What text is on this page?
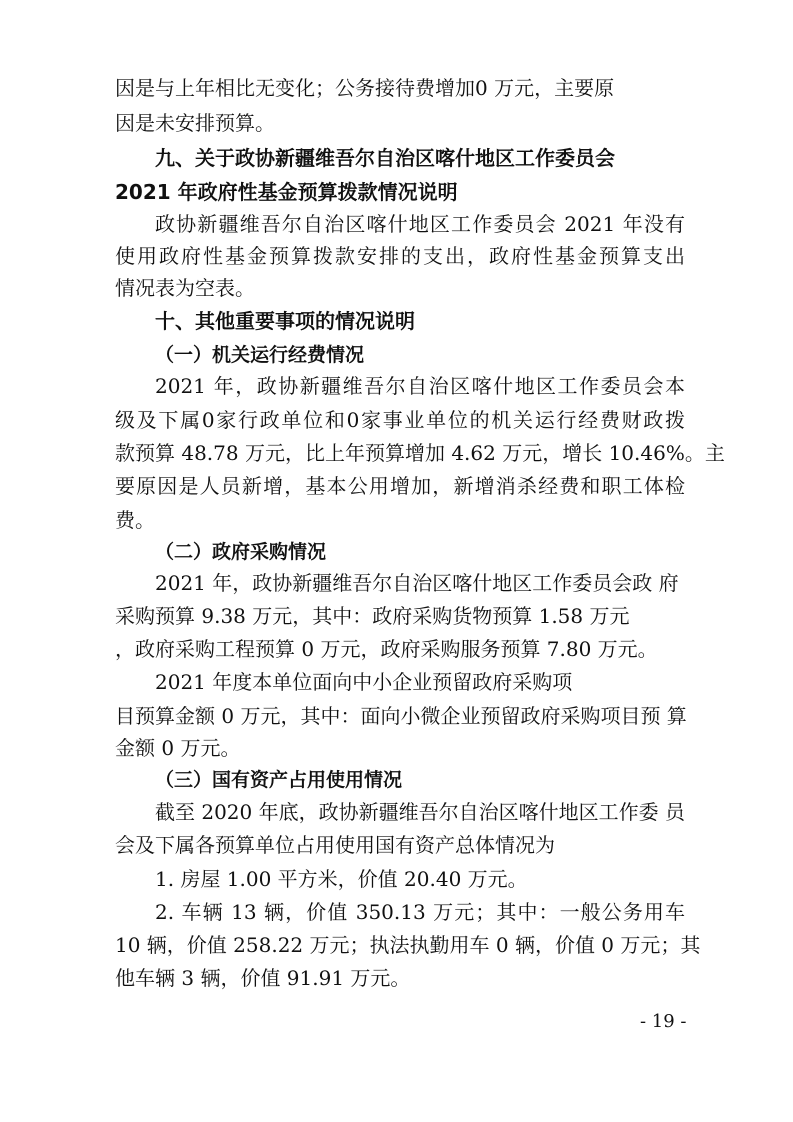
因是与上年相比无变化；公务接待费增加0 万元，主要原
因是未安排预算。
九、关于政协新疆维吾尔自治区喀什地区工作委员会
2021 年政府性基金预算拨款情况说明
政协新疆维吾尔自治区喀什地区工作委员会 2021 年没有
使用政府性基金预算拨款安排的支出，政府性基金预算支出
情况表为空表。
十、其他重要事项的情况说明
（一）机关运行经费情况
2021 年，政协新疆维吾尔自治区喀什地区工作委员会本
级及下属0家行政单位和0家事业单位的机关运行经费财政拨
款预算 48.78 万元，比上年预算增加 4.62 万元，增长 10.46%。主
要原因是人员新增，基本公用增加，新增消杀经费和职工体检
费。
（二）政府采购情况
2021 年，政协新疆维吾尔自治区喀什地区工作委员会政 府
采购预算 9.38 万元，其中：政府采购货物预算 1.58 万元
，政府采购工程预算 0 万元，政府采购服务预算 7.80 万元。
2021 年度本单位面向中小企业预留政府采购项
目预算金额 0 万元，其中：面向小微企业预留政府采购项目预 算
金额 0 万元。
（三）国有资产占用使用情况
截至 2020 年底，政协新疆维吾尔自治区喀什地区工作委 员
会及下属各预算单位占用使用国有资产总体情况为
1. 房屋 1.00 平方米，价值 20.40 万元。
2. 车辆 13 辆，价值 350.13 万元；其中：一般公务用车
10 辆，价值 258.22 万元；执法执勤用车 0 辆，价值 0 万元；其
他车辆 3 辆，价值 91.91 万元。
- 19 -
